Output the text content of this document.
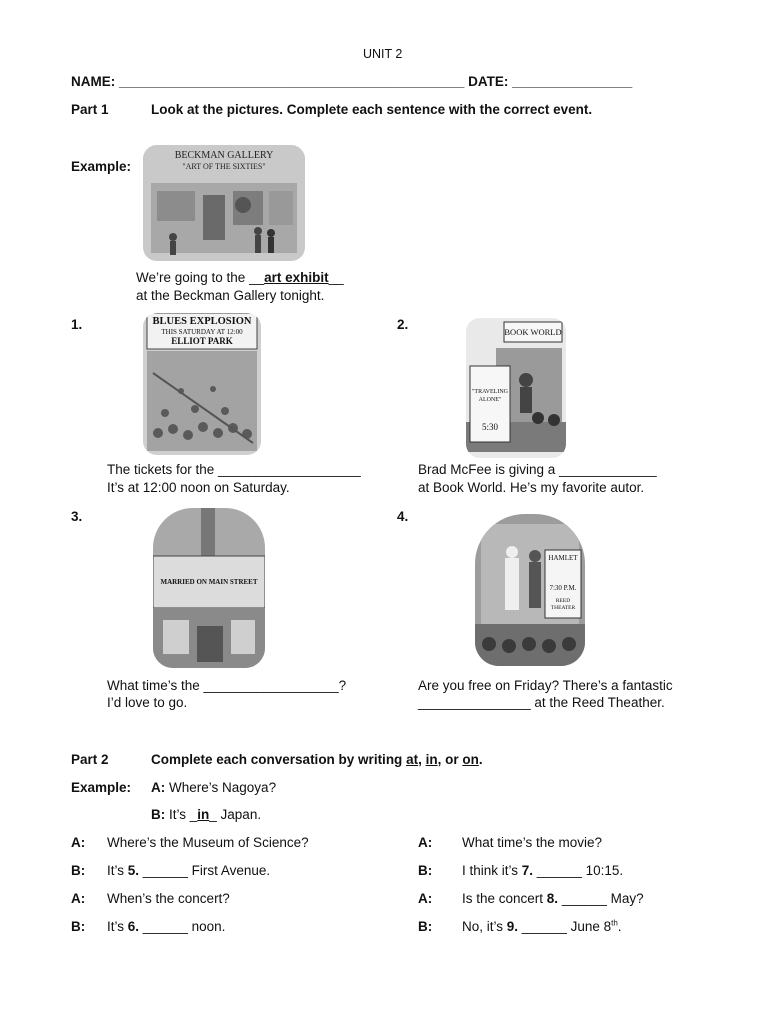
UNIT 2
NAME: ______________________________________________ DATE: ________________
Part 1	Look at the pictures. Complete each sentence with the correct event.
Example:
BECKMAN GALLERY
"ART OF THE SIXTIES"
We’re going to the __art exhibit__
at the Beckman Gallery tonight.
1.	BLUES EXPLOSION
THIS SATURDAY AT 12:00
ELLIOT PARK
The tickets for the ___________________
It’s at 12:00 noon on Saturday.
2.	BOOK WORLD
"TRAVELING ALONE"
5:30
Brad McFee is giving a _____________
at Book World. He’s my favorite autor.
3.
MARRIED ON MAIN STREET
What time’s the __________________?
I’d love to go.
4.
HAMLET
7:30 P.M.
REED THEATER
Are you free on Friday? There’s a fantastic
_______________ at the Reed Theather.
Part 2	Complete each conversation by writing at, in, or on.
Example: A: Where’s Nagoya?
B: It’s _in_ Japan.
A: Where’s the Museum of Science?
B: It’s 5. ______ First Avenue.
A: When’s the concert?
B: It’s 6. ______ noon.
A: What time’s the movie?
B: I think it’s 7. ______ 10:15.
A: Is the concert 8. ______ May?
B: No, it’s 9. ______ June 8th.
